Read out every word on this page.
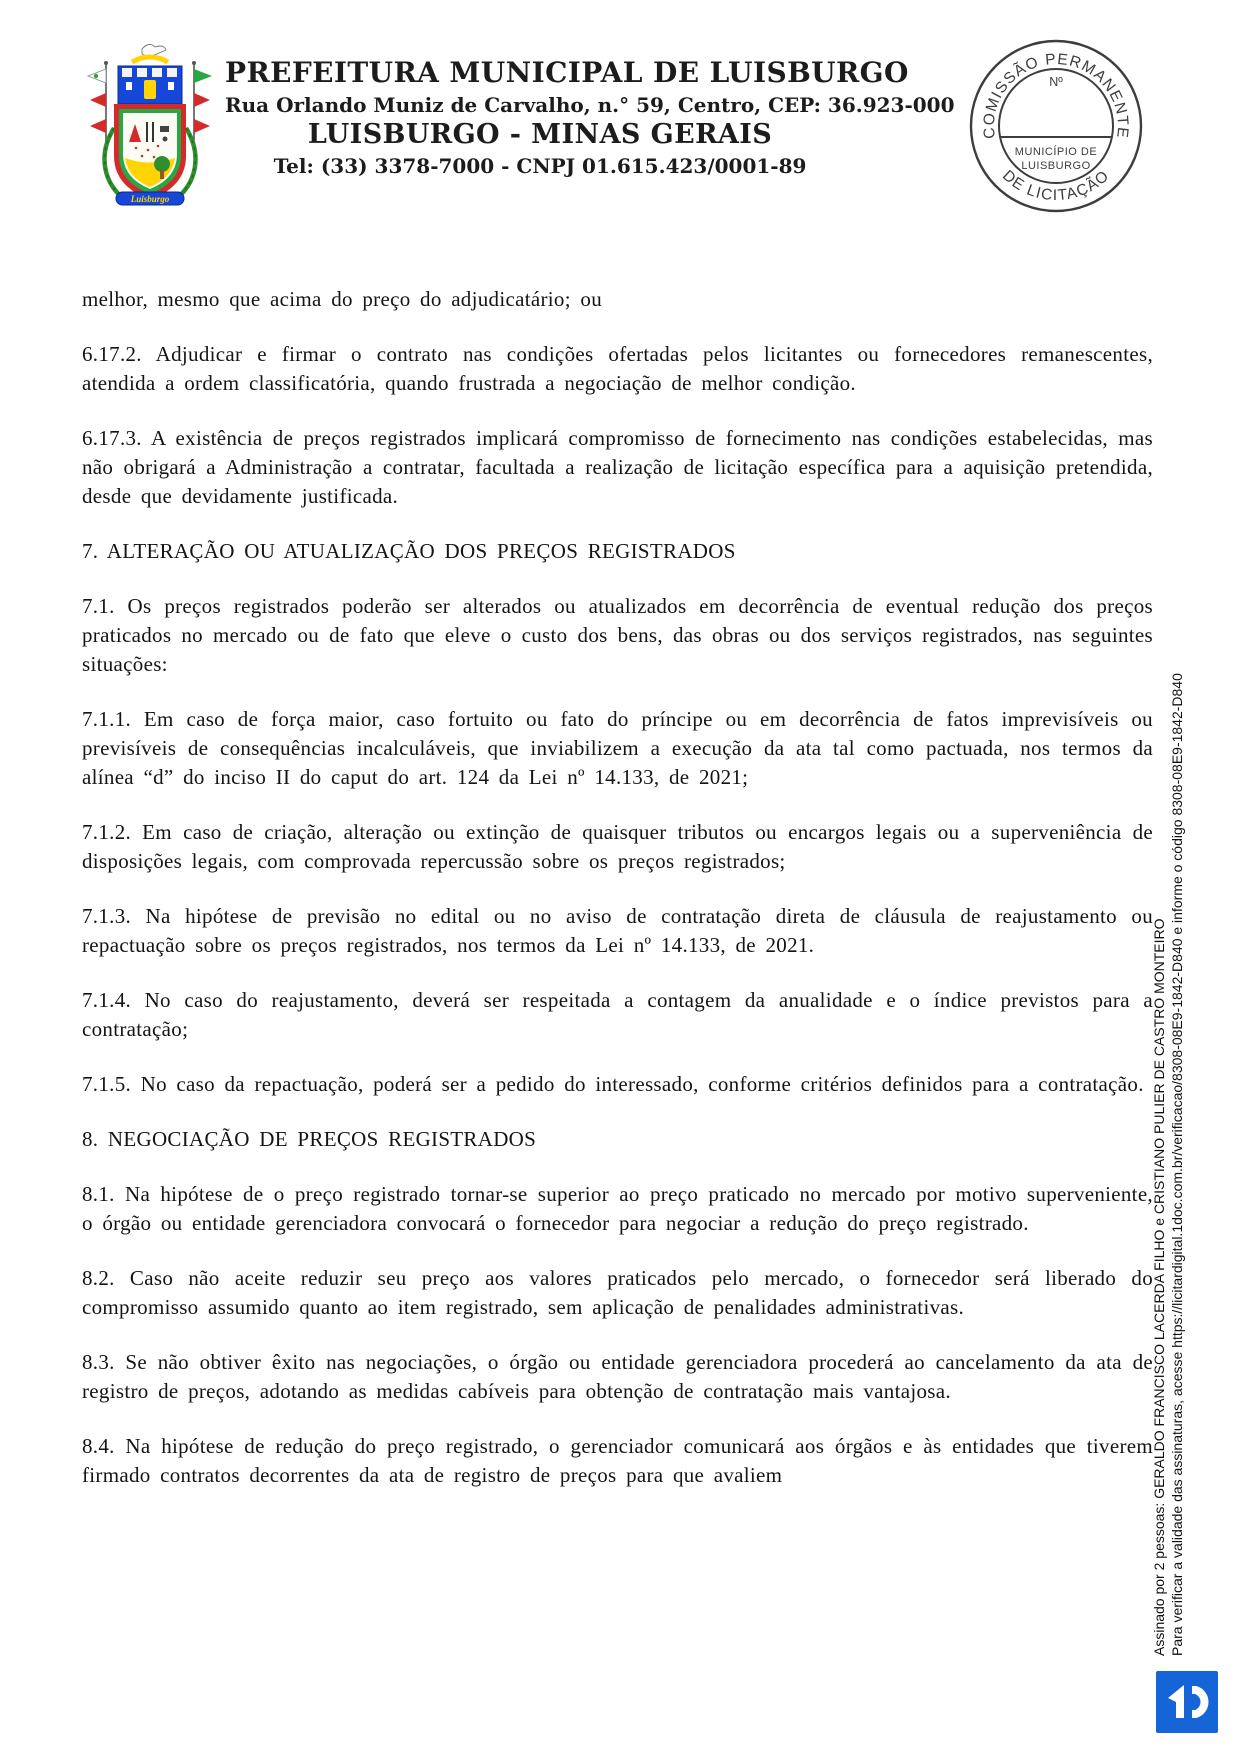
Luisburgo
PREFEITURA MUNICIPAL DE LUISBURGO
Rua Orlando Muniz de Carvalho, n.° 59, Centro, CEP: 36.923-000
LUISBURGO - MINAS GERAIS
Tel: (33) 3378-7000 - CNPJ 01.615.423/0001-89
COMISSÃO PERMANENTE
DE LICITAÇÃO
Nº
MUNICÍPIO DE
LUISBURGO

melhor, mesmo que acima do preço do adjudicatário; ou

6.17.2. Adjudicar e firmar o contrato nas condições ofertadas pelos licitantes ou fornecedores remanescentes, atendida a ordem classificatória, quando frustrada a negociação de melhor condição.

6.17.3. A existência de preços registrados implicará compromisso de fornecimento nas condições estabelecidas, mas não obrigará a Administração a contratar, facultada a realização de licitação específica para a aquisição pretendida, desde que devidamente justificada.

7. ALTERAÇÃO OU ATUALIZAÇÃO DOS PREÇOS REGISTRADOS

7.1. Os preços registrados poderão ser alterados ou atualizados em decorrência de eventual redução dos preços praticados no mercado ou de fato que eleve o custo dos bens, das obras ou dos serviços registrados, nas seguintes situações:

7.1.1. Em caso de força maior, caso fortuito ou fato do príncipe ou em decorrência de fatos imprevisíveis ou previsíveis de consequências incalculáveis, que inviabilizem a execução da ata tal como pactuada, nos termos da alínea “d” do inciso II do caput do art. 124 da Lei nº 14.133, de 2021;

7.1.2. Em caso de criação, alteração ou extinção de quaisquer tributos ou encargos legais ou a superveniência de disposições legais, com comprovada repercussão sobre os preços registrados;

7.1.3. Na hipótese de previsão no edital ou no aviso de contratação direta de cláusula de reajustamento ou repactuação sobre os preços registrados, nos termos da Lei nº 14.133, de 2021.

7.1.4. No caso do reajustamento, deverá ser respeitada a contagem da anualidade e o índice previstos para a contratação;

7.1.5. No caso da repactuação, poderá ser a pedido do interessado, conforme critérios definidos para a contratação.

8. NEGOCIAÇÃO DE PREÇOS REGISTRADOS

8.1. Na hipótese de o preço registrado tornar-se superior ao preço praticado no mercado por motivo superveniente, o órgão ou entidade gerenciadora convocará o fornecedor para negociar a redução do preço registrado.

8.2. Caso não aceite reduzir seu preço aos valores praticados pelo mercado, o fornecedor será liberado do compromisso assumido quanto ao item registrado, sem aplicação de penalidades administrativas.

8.3. Se não obtiver êxito nas negociações, o órgão ou entidade gerenciadora procederá ao cancelamento da ata de registro de preços, adotando as medidas cabíveis para obtenção de contratação mais vantajosa.

8.4. Na hipótese de redução do preço registrado, o gerenciador comunicará aos órgãos e às entidades que tiverem firmado contratos decorrentes da ata de registro de preços para que avaliem	Assinado por 2 pessoas: GERALDO FRANCISCO LACERDA FILHO e CRISTIANO PULIER DE CASTRO MONTEIRO Para verificar a validade das assinaturas, acesse https://licitardigital.1doc.com.br/verificacao/8308-08E9-1842-D840 e informe o código 8308-08E9-1842-D840
